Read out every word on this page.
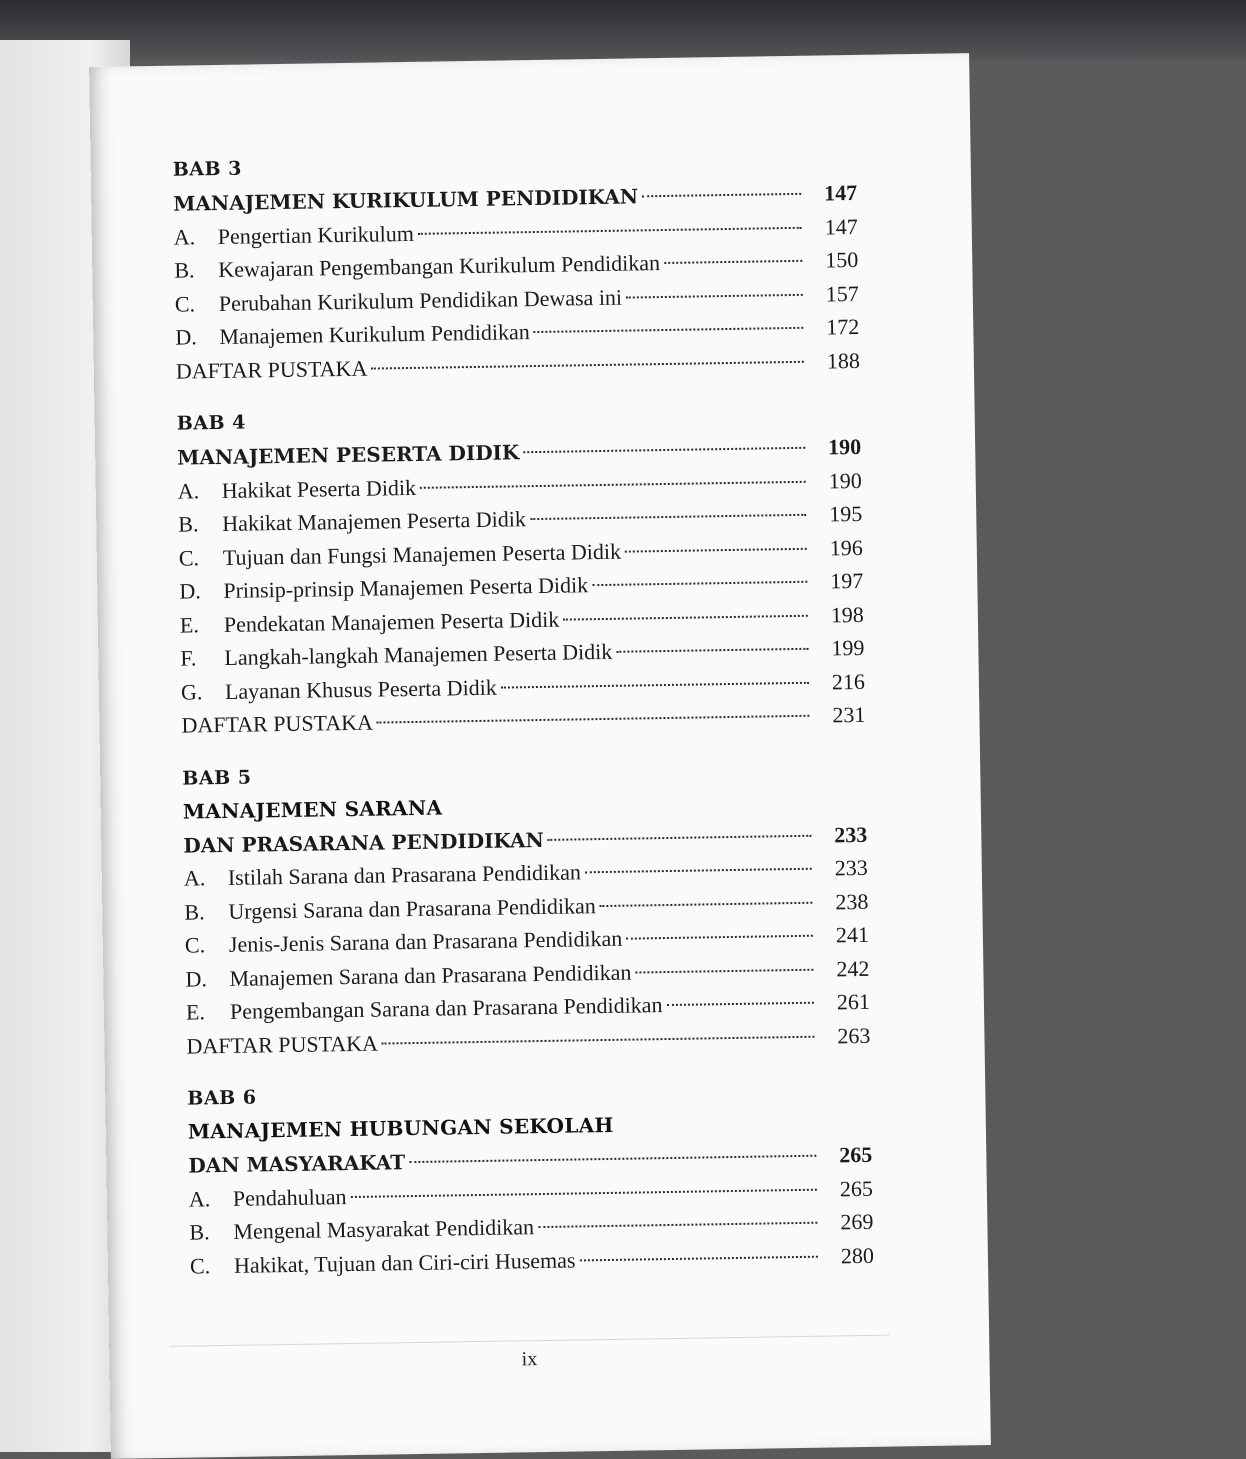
BAB 3
MANAJEMEN KURIKULUM PENDIDIKAN	147
A.	Pengertian Kurikulum	147
B.	Kewajaran Pengembangan Kurikulum Pendidikan	150
C.	Perubahan Kurikulum Pendidikan Dewasa ini	157
D.	Manajemen Kurikulum Pendidikan	172
DAFTAR PUSTAKA	188
BAB 4
MANAJEMEN PESERTA DIDIK	190
A.	Hakikat Peserta Didik	190
B.	Hakikat Manajemen Peserta Didik	195
C.	Tujuan dan Fungsi Manajemen Peserta Didik	196
D.	Prinsip-prinsip Manajemen Peserta Didik	197
E.	Pendekatan Manajemen Peserta Didik	198
F.	Langkah-langkah Manajemen Peserta Didik	199
G.	Layanan Khusus Peserta Didik	216
DAFTAR PUSTAKA	231
BAB 5
MANAJEMEN SARANA
DAN PRASARANA PENDIDIKAN	233
A.	Istilah Sarana dan Prasarana Pendidikan	233
B.	Urgensi Sarana dan Prasarana Pendidikan	238
C.	Jenis-Jenis Sarana dan Prasarana Pendidikan	241
D.	Manajemen Sarana dan Prasarana Pendidikan	242
E.	Pengembangan Sarana dan Prasarana Pendidikan	261
DAFTAR PUSTAKA	263
BAB 6
MANAJEMEN HUBUNGAN SEKOLAH
DAN MASYARAKAT	265
A.	Pendahuluan	265
B.	Mengenal Masyarakat Pendidikan	269
C.	Hakikat, Tujuan dan Ciri-ciri Husemas	280
ix
